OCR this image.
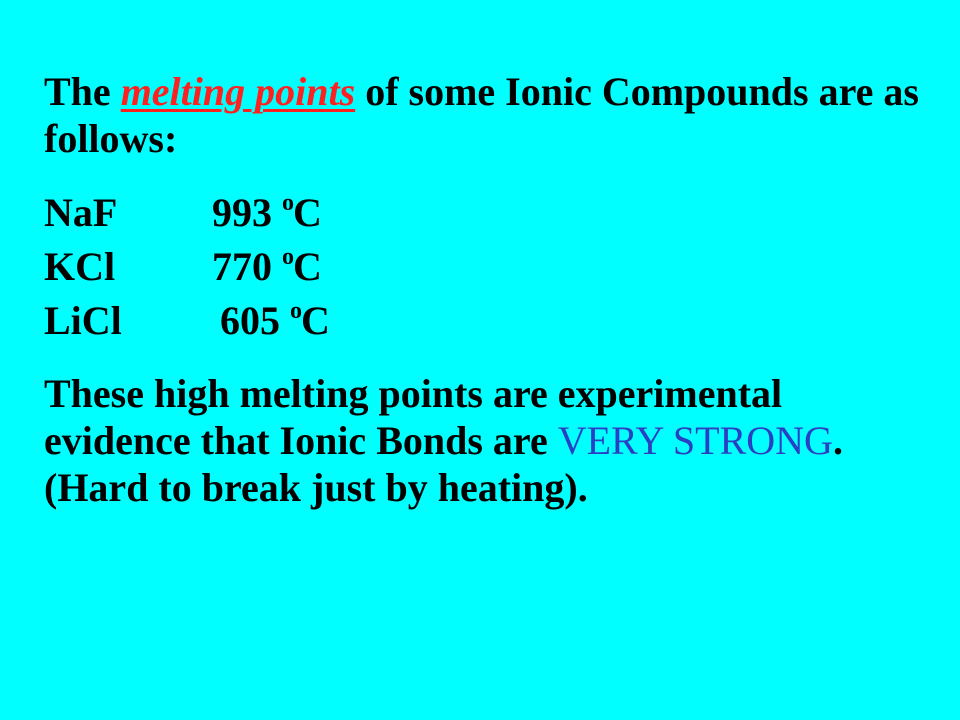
The melting points of some Ionic Compounds are as follows:

NaF 993 $^o$C
KCl 770 $^o$C
LiCl 605 $^o$C

These high melting points are experimental evidence that Ionic Bonds are VERY STRONG. (Hard to break just by heating).
